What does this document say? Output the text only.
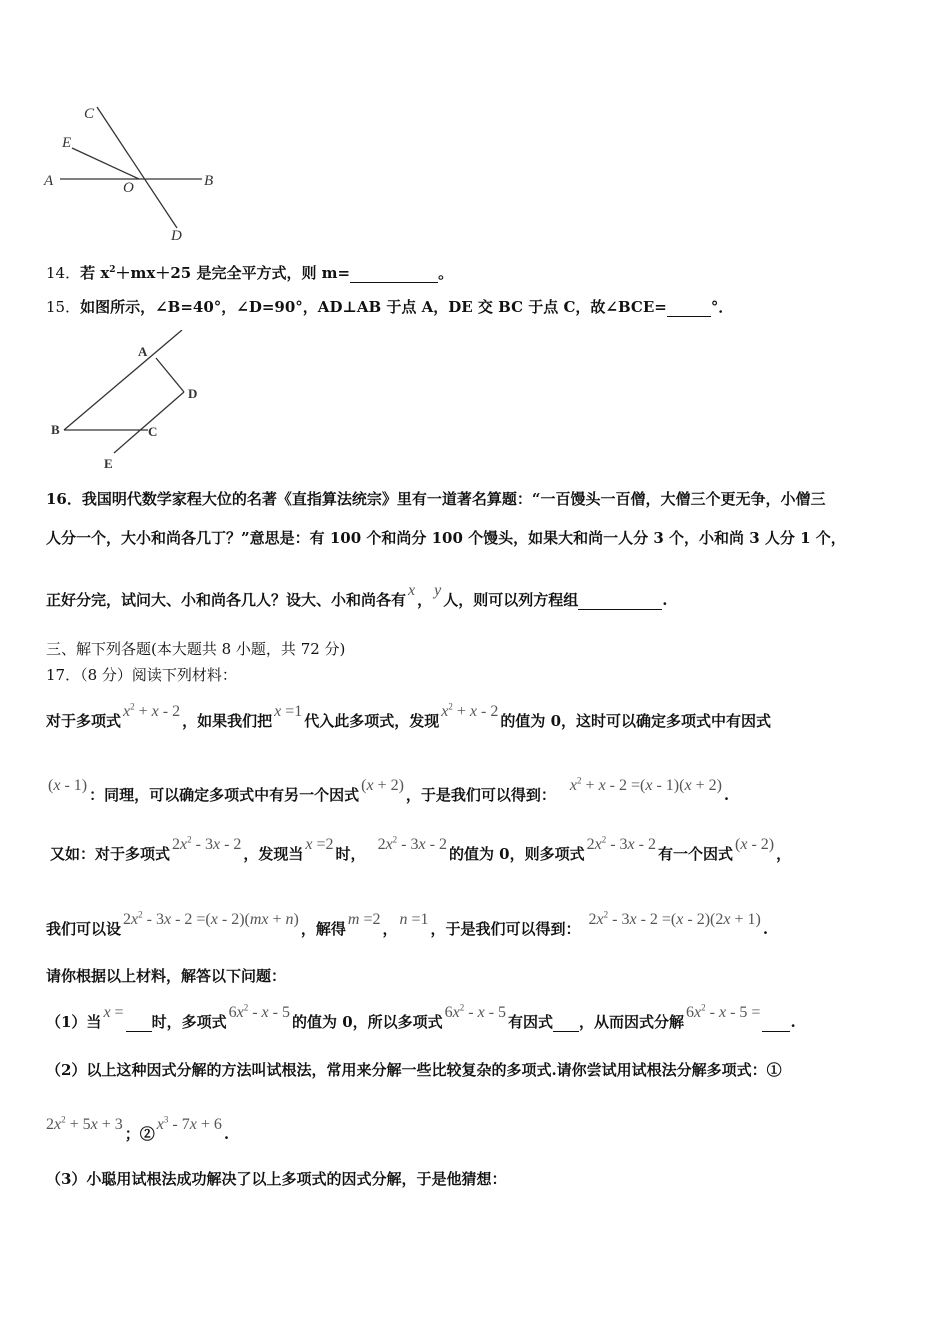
C
E
A	O	B
D
14．若 $x^2+mx+25$ 是完全平方式，则 m=	。
15．如图所示，∠B=40°，∠D=90°，AD⊥AB 于点 A，DE 交 BC 于点 C，故∠BCE=	°．
A
D
B	C
E
16．我国明代数学家程大位的名著《直指算法统宗》里有一道著名算题：“一百馒头一百僧，大僧三个更无争，小僧三
人分一个，大小和尚各几丁？”意思是：有 100 个和尚分 100 个馒头，如果大和尚一人分 3 个，小和尚 3 人分 1 个，
正好分完，试问大、小和尚各几人？设大、小和尚各有x，y人，则可以列方程组	.
三、解下列各题(本大题共 8 小题，共 72 分)
17．（8 分）阅读下列材料：
对于多项式$x^2 + x - 2$，如果我们把x =1代入此多项式，发现$x^2 + x - 2$的值为 0，这时可以确定多项式中有因式
(x - 1)：同理，可以确定多项式中有另一个因式(x + 2)，于是我们可以得到：$x^2 + x - 2 =(x - 1)(x + 2)$.
又如：对于多项式$2x^2 - 3x - 2$，发现当x =2时，$2x^2 - 3x - 2$的值为 0，则多项式$2x^2 - 3x - 2$有一个因式(x - 2)，
我们可以设$2x^2 - 3x - 2 =(x - 2)(mx + n)$，解得m =2，n =1，于是我们可以得到：$2x^2 - 3x - 2 =(x - 2)(2x + 1)$.
请你根据以上材料，解答以下问题：
（1）当x = 时，多项式$6x^2$ - x - 5的值为 0，所以多项式$6x^2$ - x - 5有因式 ，从而因式分解$6x^2$ - x - 5 = .
（2）以上这种因式分解的方法叫试根法，常用来分解一些比较复杂的多项式.请你尝试用试根法分解多项式：①
$2x^2 + 5x + 3$；$②x^3 - 7x + 6$.
（3）小聪用试根法成功解决了以上多项式的因式分解，于是他猜想：
